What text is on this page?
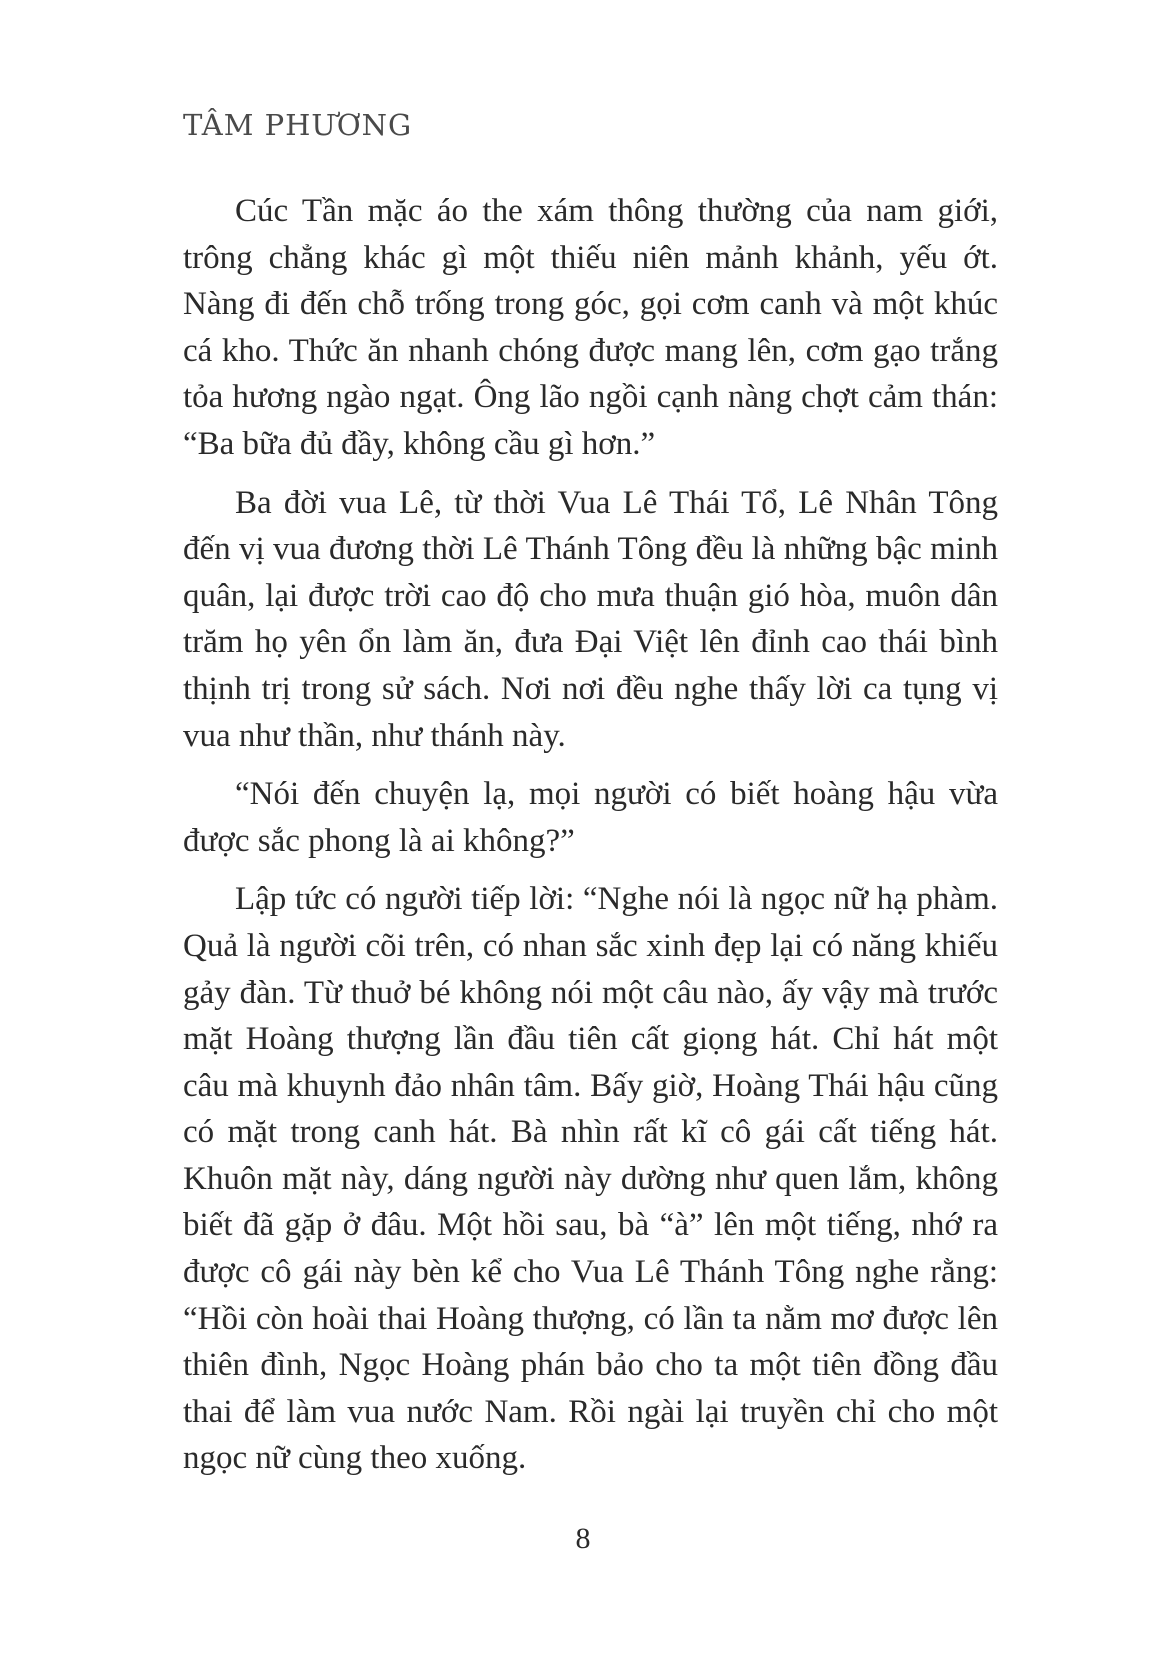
TÂM PHƯƠNG

Cúc Tần mặc áo the xám thông thường của nam giới, trông chẳng khác gì một thiếu niên mảnh khảnh, yếu ớt. Nàng đi đến chỗ trống trong góc, gọi cơm canh và một khúc cá kho. Thức ăn nhanh chóng được mang lên, cơm gạo trắng tỏa hương ngào ngạt. Ông lão ngồi cạnh nàng chợt cảm thán: “Ba bữa đủ đầy, không cầu gì hơn.”

Ba đời vua Lê, từ thời Vua Lê Thái Tổ, Lê Nhân Tông đến vị vua đương thời Lê Thánh Tông đều là những bậc minh quân, lại được trời cao độ cho mưa thuận gió hòa, muôn dân trăm họ yên ổn làm ăn, đưa Đại Việt lên đỉnh cao thái bình thịnh trị trong sử sách. Nơi nơi đều nghe thấy lời ca tụng vị vua như thần, như thánh này.

“Nói đến chuyện lạ, mọi người có biết hoàng hậu vừa được sắc phong là ai không?”

Lập tức có người tiếp lời: “Nghe nói là ngọc nữ hạ phàm. Quả là người cõi trên, có nhan sắc xinh đẹp lại có năng khiếu gảy đàn. Từ thuở bé không nói một câu nào, ấy vậy mà trước mặt Hoàng thượng lần đầu tiên cất giọng hát. Chỉ hát một câu mà khuynh đảo nhân tâm. Bấy giờ, Hoàng Thái hậu cũng có mặt trong canh hát. Bà nhìn rất kĩ cô gái cất tiếng hát. Khuôn mặt này, dáng người này dường như quen lắm, không biết đã gặp ở đâu. Một hồi sau, bà “à” lên một tiếng, nhớ ra được cô gái này bèn kể cho Vua Lê Thánh Tông nghe rằng: “Hồi còn hoài thai Hoàng thượng, có lần ta nằm mơ được lên thiên đình, Ngọc Hoàng phán bảo cho ta một tiên đồng đầu thai để làm vua nước Nam. Rồi ngài lại truyền chỉ cho một ngọc nữ cùng theo xuống.

8
